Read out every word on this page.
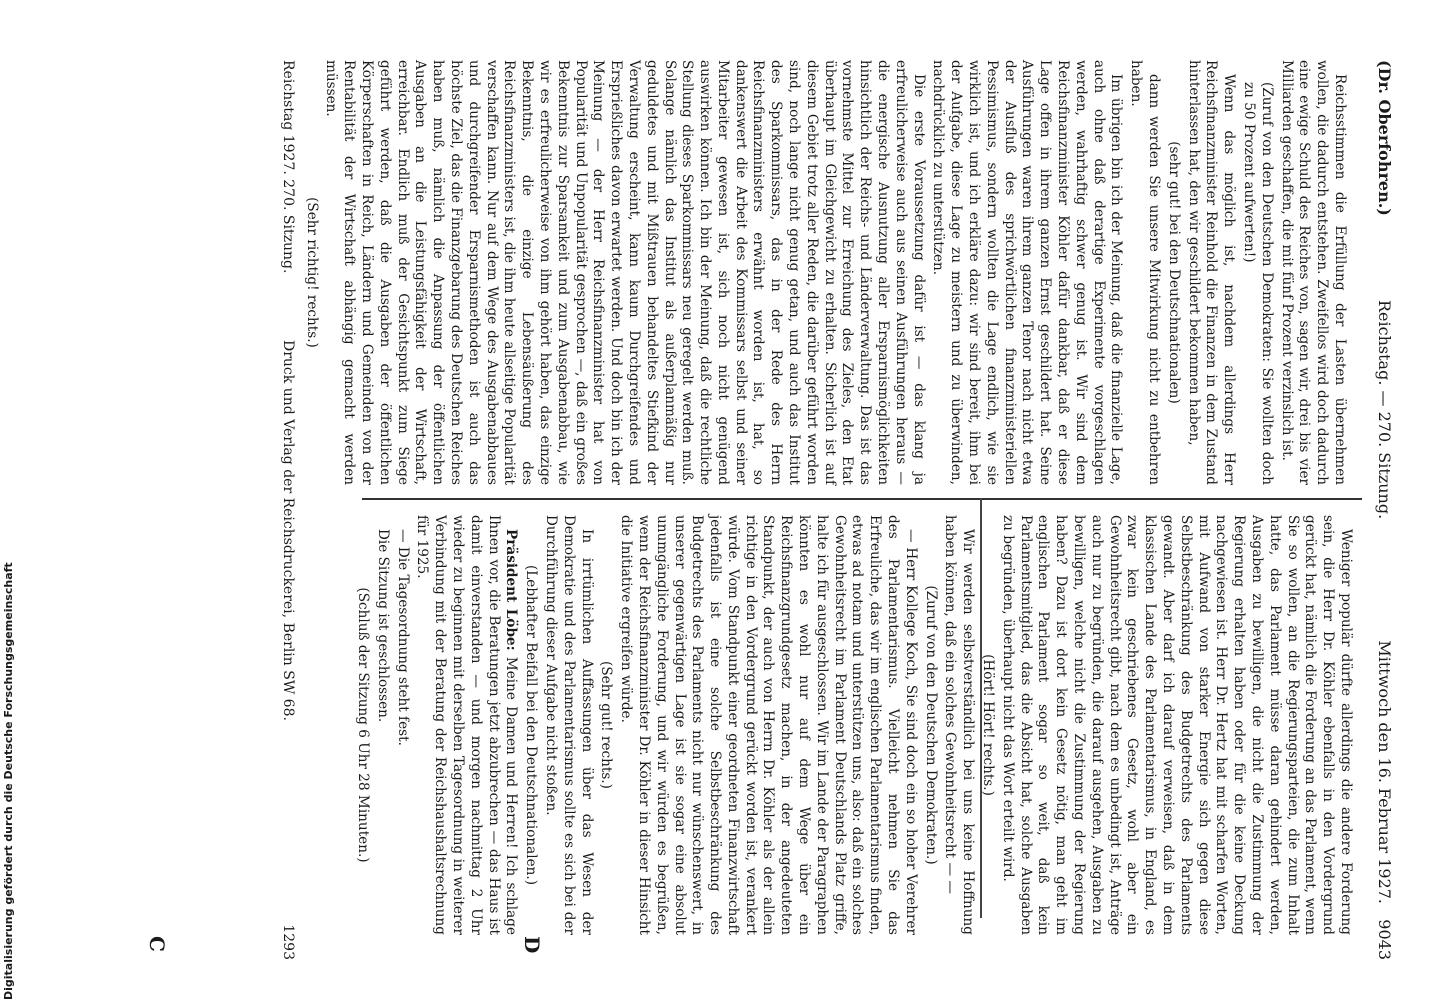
(Dr. Oberfohren.)
Reichstag. — 270. Sitzung.
Mittwoch den 16. Februar 1927.   9043

Reichsstimmen die Erfüllung der Lasten übernehmen wollen, die dadurch entstehen. Zweifellos wird doch dadurch eine ewige Schuld des Reiches von, sagen wir, drei bis vier Milliarden geschaffen, die mit fünf Prozent verzinslich ist.

(Zuruf von den Deutschen Demokraten: Sie wollten doch zu 50 Prozent aufwerten!)

Wenn das möglich ist, nachdem allerdings Herr Reichsfinanzminister Reinhold die Finanzen in dem Zustand hinterlassen hat, den wir geschildert bekommen haben,

(sehr gut! bei den Deutschnationalen)

dann werden Sie unsere Mitwirkung nicht zu entbehren haben.

Im übrigen bin ich der Meinung, daß die finanzielle Lage, auch ohne daß derartige Experimente vorgeschlagen werden, wahrhaftig schwer genug ist. Wir sind dem Reichsfinanzminister Köhler dafür dankbar, daß er diese Lage offen in ihrem ganzen Ernst geschildert hat. Seine Ausführungen waren ihrem ganzen Tenor nach nicht etwa der Ausfluß des sprichwörtlichen finanzministeriellen Pessimismus, sondern wollten die Lage endlich, wie sie wirklich ist, und ich erkläre dazu: wir sind bereit, ihm bei der Aufgabe, diese Lage zu meistern und zu überwinden, nachdrücklich zu unterstützen.

Die erste Voraussetzung dafür ist — das klang ja erfreulicherweise auch aus seinen Ausführungen heraus — die energische Ausnutzung aller Ersparnismöglichkeiten hinsichtlich der Reichs- und Länderverwaltung. Das ist das vornehmste Mittel zur Erreichung des Zieles, den Etat überhaupt im Gleichgewicht zu erhalten. Sicherlich ist auf diesem Gebiet trotz aller Reden, die darüber geführt worden sind, noch lange nicht genug getan, und auch das Institut des Sparkommissars, das in der Rede des Herrn Reichsfinanzministers erwähnt worden ist, hat, so dankenswert die Arbeit des Kommissars selbst und seiner Mitarbeiter gewesen ist, sich noch nicht genügend auswirken können. Ich bin der Meinung, daß die rechtliche Stellung dieses Sparkommissars neu geregelt werden muß. Solange nämlich das Institut als außerplanmäßig nur geduldetes und mit Mißtrauen behandeltes Stiefkind der Verwaltung erscheint, kann kaum Durchgreifendes und Ersprießliches davon erwartet werden. Und doch bin ich der Meinung — der Herr Reichsfinanzminister hat von Popularität und Unpopularität gesprochen —, daß ein großes Bekenntnis zur Sparsamkeit und zum Ausgabenabbau, wie wir es erfreulicherweise von ihm gehört haben, das einzige Bekenntnis, die einzige Lebensäußerung des Reichsfinanzministers ist, die ihm heute allseitige Popularität verschaffen kann. Nur auf dem Wege des Ausgabenabbaues und durchgreifender Ersparnismethoden ist auch das höchste Ziel, das die Finanzgebarung des Deutschen Reiches haben muß, nämlich die Anpassung der öffentlichen Ausgaben an die Leistungsfähigkeit der Wirtschaft, erreichbar. Endlich muß der Gesichtspunkt zum Siege geführt werden, daß die Ausgaben der öffentlichen Körperschaften in Reich, Ländern und Gemeinden von der Rentabilität der Wirtschaft abhängig gemacht werden müssen.

(Sehr richtig! rechts.)

Weniger populär dürfte allerdings die andere Forderung sein, die Herr Dr. Köhler ebenfalls in den Vordergrund gerückt hat, nämlich die Forderung an das Parlament, wenn Sie so wollen, an die Regierungsparteien, die zum Inhalt hatte, das Parlament müsse daran gehindert werden, Ausgaben zu bewilligen, die nicht die Zustimmung der Regierung erhalten haben oder für die keine Deckung nachgewiesen ist. Herr Dr. Hertz hat mit scharfen Worten, mit Aufwand von starker Energie sich gegen diese Selbstbeschränkung des Budgetrechts des Parlaments gewandt. Aber darf ich darauf verweisen, daß in dem klassischen Lande des Parlamentarismus, in England, es zwar kein geschriebenes Gesetz, wohl aber ein Gewohnheitsrecht gibt, nach dem es unbedingt ist, Anträge auch nur zu begründen, die darauf ausgehen, Ausgaben zu bewilligen, welche nicht die Zustimmung der Regierung haben? Dazu ist dort kein Gesetz nötig, man geht im englischen Parlament sogar so weit, daß kein Parlamentsmitglied, das die Absicht hat, solche Ausgaben zu begründen, überhaupt nicht das Wort erteilt wird.

(Hört! Hört! rechts.)

Wir werden selbstverständlich bei uns keine Hoffnung haben können, daß ein solches Gewohnheitsrecht — —

(Zuruf von den Deutschen Demokraten.)

— Herr Kollege Koch, Sie sind doch ein so hoher Verehrer des Parlamentarismus. Vielleicht nehmen Sie das Erfreuliche, das wir im englischen Parlamentarismus finden, etwas ad notam und unterstützen uns, also: daß ein solches Gewohnheitsrecht im Parlament Deutschlands Platz griffe, halte ich für ausgeschlossen. Wir im Lande der Paragraphen könnten es wohl nur auf dem Wege über ein Reichsfinanzgrundgesetz machen, in der angedeuteten Standpunkt, der auch von Herrn Dr. Köhler als der allein richtige in den Vordergrund gerückt worden ist, verankert würde. Vom Standpunkt einer geordneten Finanzwirtschaft jedenfalls ist eine solche Selbstbeschränkung des Budgetrechts des Parlaments nicht nur wünschenswert, in unserer gegenwärtigen Lage ist sie sogar eine absolut unumgängliche Forderung, und wir würden es begrüßen, wenn der Reichsfinanzminister Dr. Köhler in dieser Hinsicht die Initiative ergreifen würde.

(Sehr gut! rechts.)

In irrtümlichen Auffassungen über das Wesen der Demokratie und des Parlamentarismus sollte es sich bei der Durchführung dieser Aufgabe nicht stoßen.

(Lebhafter Beifall bei den Deutschnationalen.)

Präsident Löbe: Meine Damen und Herren! Ich schlage Ihnen vor, die Beratungen jetzt abzubrechen — das Haus ist damit einverstanden — und morgen nachmittag 2 Uhr wieder zu beginnen mit derselben Tagesordnung in weiterer Verbindung mit der Beratung der Reichshaushaltsrechnung für 1925.

— Die Tagesordnung steht fest.

Die Sitzung ist geschlossen.

(Schluß der Sitzung 6 Uhr 28 Minuten.)

C	D
Reichstag 1927. 270. Sitzung.
Druck und Verlag der Reichsdruckerei, Berlin SW 68.
1293
Digitalisierung gefördert durch die Deutsche Forschungsgemeinschaft
